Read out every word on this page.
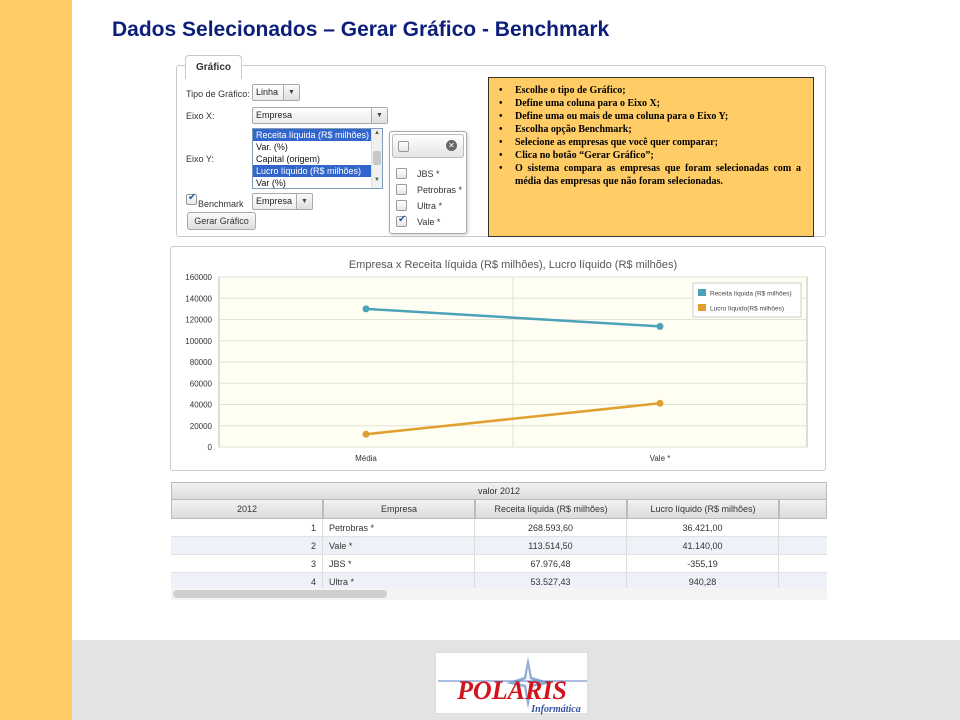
Dados Selecionados – Gerar Gráfico - Benchmark
Gráfico
Tipo de Gráfico: Linha	▼
Eixo X:	Empresa	▼
Eixo Y:
Receita líquida (R$ milhões)
Var. (%)
Capital (origem)
Lucro líquido (R$ milhões)
Var (%)
▲
▼
✔
Benchmark	Empresa	▼
Gerar Gráfico
✕
JBS *
Petrobras *
Ultra *
✔
Vale *
• Escolhe o tipo de Gráfico;
• Define uma coluna para o Eixo X;
• Define uma ou mais de uma coluna para o Eixo Y;
• Escolha opção Benchmark;
• Selecione as empresas que você quer comparar;
• Clica no botão “Gerar Gráfico”;
• O sistema compara as empresas que foram selecionadas com a média das empresas que não foram selecionadas.
Empresa x Receita líquida (R$ milhões), Lucro líquido (R$ milhões)
0
20000
40000
60000
80000
100000
120000
140000
160000
Média	Vale *
Receita líquida (R$ milhões)
Lucro líquido(R$ milhões)
valor 2012
2012	Empresa	Receita líquida (R$ milhões)	Lucro líquido (R$ milhões)
1	Petrobras *	268.593,60	36.421,00
2	Vale *	113.514,50	41.140,00
3	JBS *	67.976,48	-355,19
4	Ultra *	53.527,43	940,28
POLARIS
Informática
